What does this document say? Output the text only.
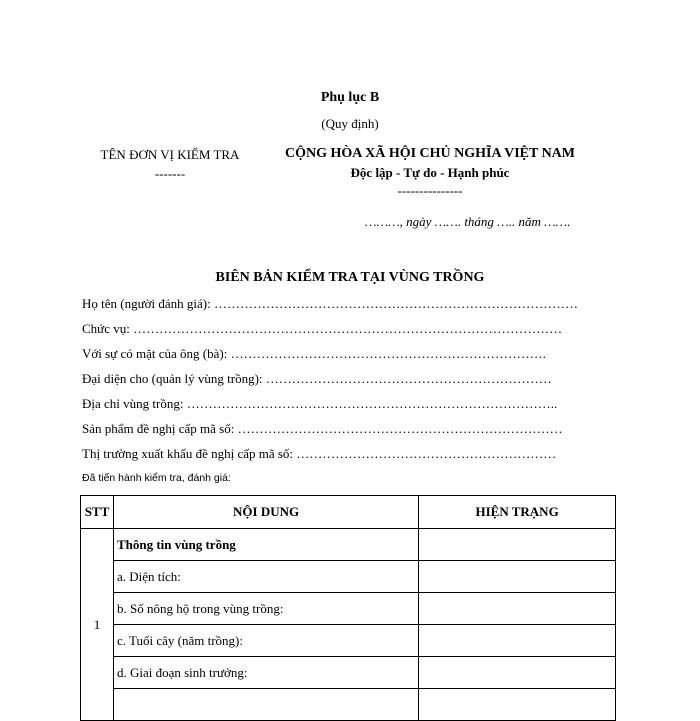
Phụ lục B
(Quy định)
TÊN ĐƠN VỊ KIỂM TRA
-------
CỘNG HÒA XÃ HỘI CHỦ NGHĨA VIỆT NAM
Độc lập - Tự do - Hạnh phúc
---------------
………, ngày ……. tháng ….. năm …….
BIÊN BẢN KIỂM TRA TẠI VÙNG TRỒNG
Họ tên (người đánh giá): …………………………………………………………………………
Chức vụ: ………………………………………………………………………………………
Với sự có mặt của ông (bà): ……………………………………………………………….
Đại diện cho (quản lý vùng trồng): …………………………………………………………
Địa chỉ vùng trồng: …………………………………………………………………………..
Sản phẩm đề nghị cấp mã số: …………………………………………………………………
Thị trường xuất khẩu đề nghị cấp mã số: ……………………………………………………
Đã tiến hành kiểm tra, đánh giá:
STT	NỘI DUNG	HIỆN TRẠNG
1	Thông tin vùng trồng	
	a. Diện tích:	
	b. Số nông hộ trong vùng trồng:	
	c. Tuổi cây (năm trồng):	
	d. Giai đoạn sinh trưởng:	
